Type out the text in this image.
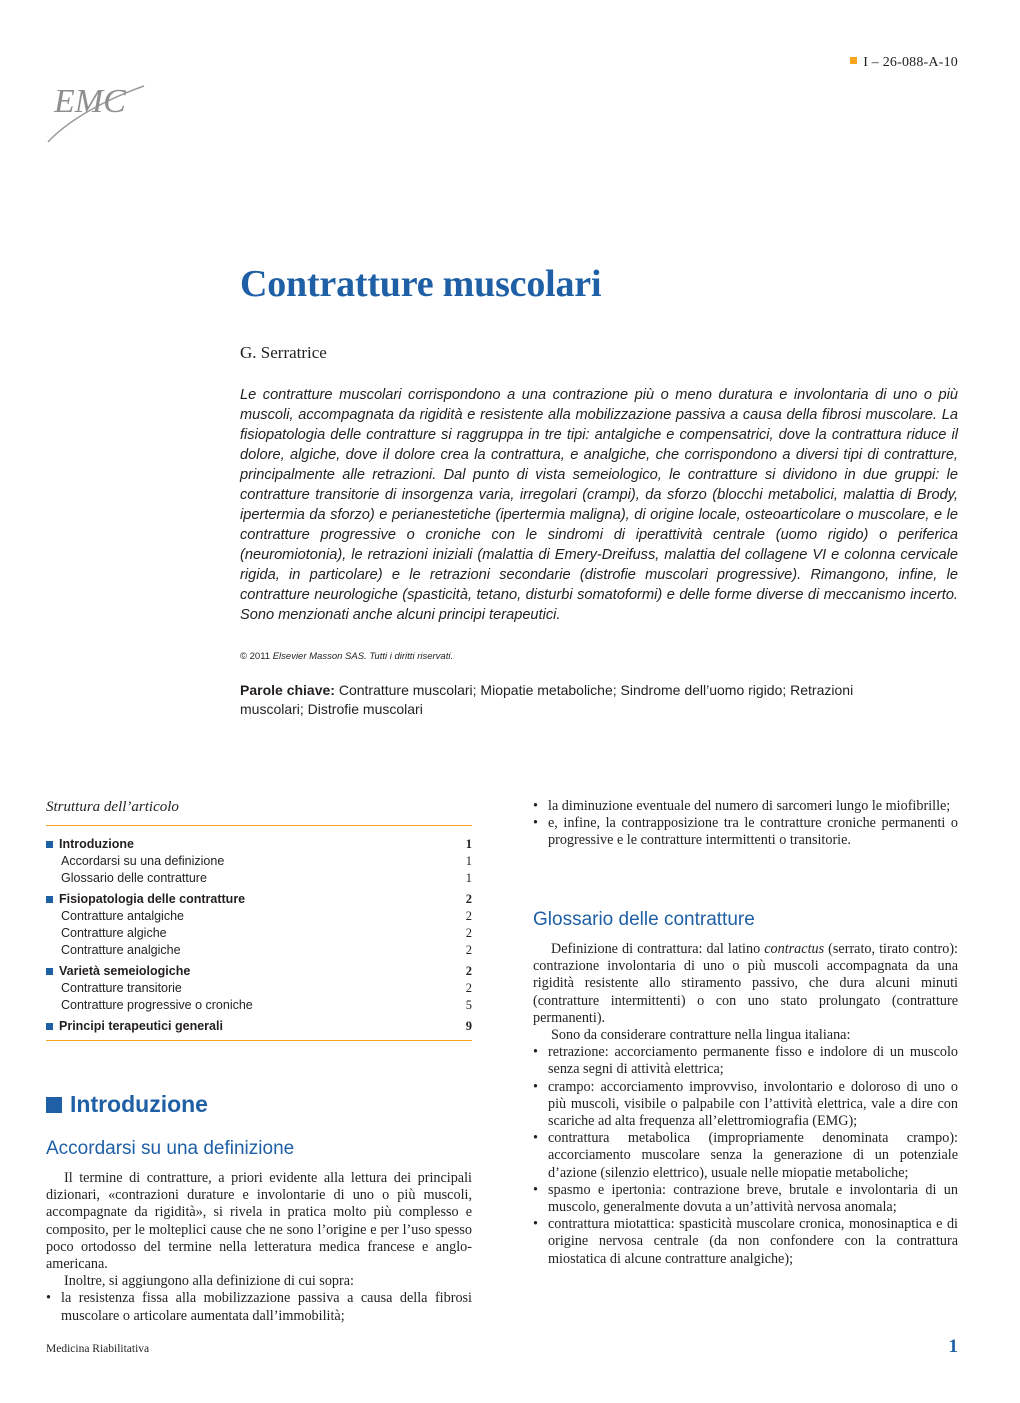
EMC
I – 26-088-A-10
Contratture muscolari
G. Serratrice
Le contratture muscolari corrispondono a una contrazione più o meno duratura e involontaria di uno o più muscoli, accompagnata da rigidità e resistente alla mobilizzazione passiva a causa della fibrosi muscolare. La fisiopatologia delle contratture si raggruppa in tre tipi: antalgiche e compensatrici, dove la contrattura riduce il dolore, algiche, dove il dolore crea la contrattura, e analgiche, che corrispondono a diversi tipi di contratture, principalmente alle retrazioni. Dal punto di vista semeiologico, le contratture si dividono in due gruppi: le contratture transitorie di insorgenza varia, irregolari (crampi), da sforzo (blocchi metabolici, malattia di Brody, ipertermia da sforzo) e perianestetiche (ipertermia maligna), di origine locale, osteoarticolare o muscolare, e le contratture progressive o croniche con le sindromi di iperattività centrale (uomo rigido) o periferica (neuromiotonia), le retrazioni iniziali (malattia di Emery-Dreifuss, malattia del collagene VI e colonna cervicale rigida, in particolare) e le retrazioni secondarie (distrofie muscolari progressive). Rimangono, infine, le contratture neurologiche (spasticità, tetano, disturbi somatoformi) e delle forme diverse di meccanismo incerto. Sono menzionati anche alcuni principi terapeutici.
© 2011 Elsevier Masson SAS. Tutti i diritti riservati.
Parole chiave: Contratture muscolari; Miopatie metaboliche; Sindrome dell’uomo rigido; Retrazioni muscolari; Distrofie muscolari
Struttura dell’articolo
Introduzione	1
Accordarsi su una definizione	1
Glossario delle contratture	1
Fisiopatologia delle contratture	2
Contratture antalgiche	2
Contratture algiche	2
Contratture analgiche	2
Varietà semeiologiche	2
Contratture transitorie	2
Contratture progressive o croniche	5
Principi terapeutici generali	9
Introduzione
Accordarsi su una definizione

Il termine di contratture, a priori evidente alla lettura dei principali dizionari, «contrazioni durature e involontarie di uno o più muscoli, accompagnate da rigidità», si rivela in pratica molto più complesso e composito, per le molteplici cause che ne sono l’origine e per l’uso spesso poco ortodosso del termine nella letteratura medica francese e anglo-americana.

Inoltre, si aggiungono alla definizione di cui sopra:

• la resistenza fissa alla mobilizzazione passiva a causa della fibrosi muscolare o articolare aumentata dall’immobilità;
• la diminuzione eventuale del numero di sarcomeri lungo le miofibrille;
• e, infine, la contrapposizione tra le contratture croniche permanenti o progressive e le contratture intermittenti o transitorie.
Glossario delle contratture

Definizione di contrattura: dal latino contractus (serrato, tirato contro): contrazione involontaria di uno o più muscoli accompagnata da una rigidità resistente allo stiramento passivo, che dura alcuni minuti (contratture intermittenti) o con uno stato prolungato (contratture permanenti).

Sono da considerare contratture nella lingua italiana:

• retrazione: accorciamento permanente fisso e indolore di un muscolo senza segni di attività elettrica;
• crampo: accorciamento improvviso, involontario e doloroso di uno o più muscoli, visibile o palpabile con l’attività elettrica, vale a dire con scariche ad alta frequenza all’elettromiografia (EMG);
• contrattura metabolica (impropriamente denominata crampo): accorciamento muscolare senza la generazione di un potenziale d’azione (silenzio elettrico), usuale nelle miopatie metaboliche;
• spasmo e ipertonia: contrazione breve, brutale e involontaria di un muscolo, generalmente dovuta a un’attività nervosa anomala;
• contrattura miotattica: spasticità muscolare cronica, monosinaptica e di origine nervosa centrale (da non confondere con la contrattura miostatica di alcune contratture analgiche);
Medicina Riabilitativa	1
